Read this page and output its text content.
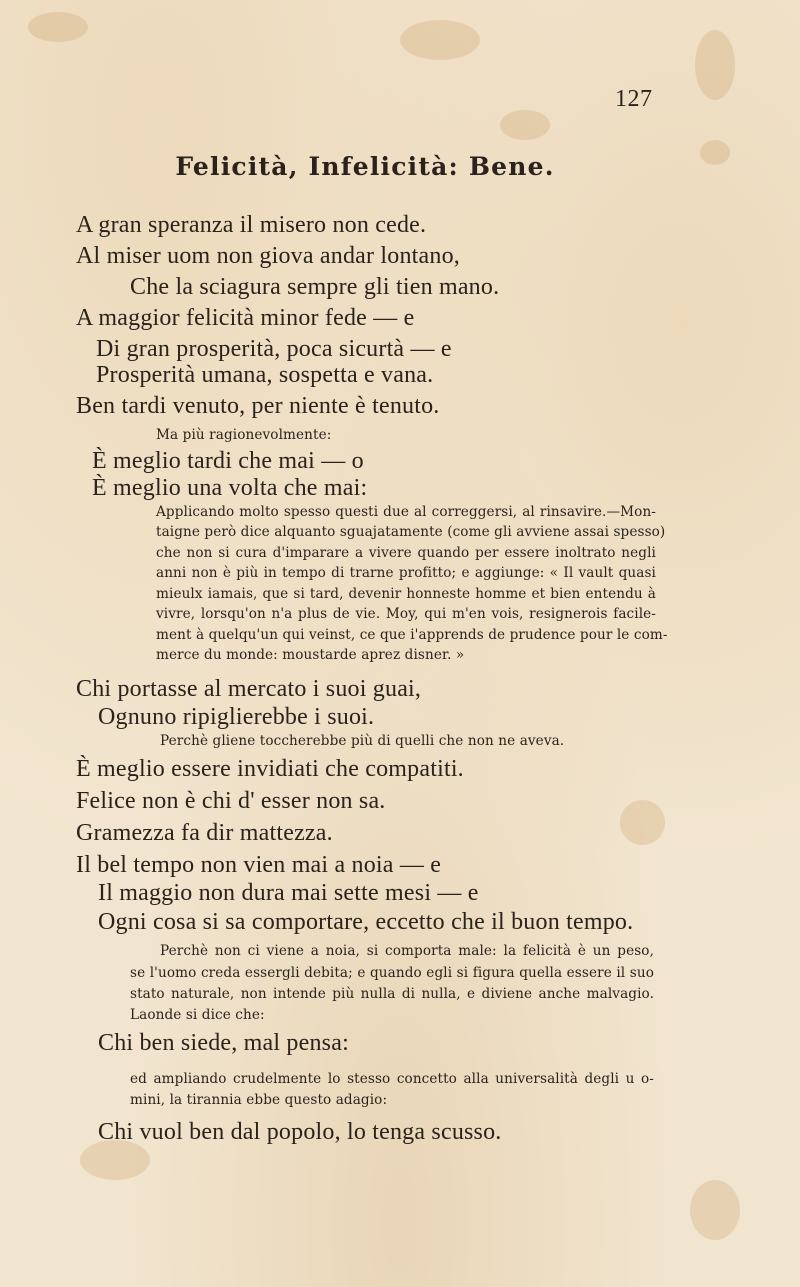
127
Felicità, Infelicità: Bene.
A gran speranza il misero non cede.
Al miser uom non giova andar lontano,
Che la sciagura sempre gli tien mano.
A maggior felicità minor fede — e
Di gran prosperità, poca sicurtà — e
Prosperità umana, sospetta e vana.
Ben tardi venuto, per niente è tenuto.
Ma più ragionevolmente:
È meglio tardi che mai — o
È meglio una volta che mai:
Applicando molto spesso questi due al correggersi, al rinsavire.—Mon-
taigne però dice alquanto sguajatamente (come gli avviene assai spesso)
che non si cura d'imparare a vivere quando per essere inoltrato negli
anni non è più in tempo di trarne profitto; e aggiunge: « Il vault quasi
mieulx iamais, que si tard, devenir honneste homme et bien entendu à
vivre, lorsqu'on n'a plus de vie. Moy, qui m'en vois, resignerois facile-
ment à quelqu'un qui veinst, ce que i'apprends de prudence pour le com-
merce du monde: moustarde aprez disner. »
Chi portasse al mercato i suoi guai,
Ognuno ripiglierebbe i suoi.
Perchè gliene toccherebbe più di quelli che non ne aveva.
È meglio essere invidiati che compatiti.
Felice non è chi d' esser non sa.
Gramezza fa dir mattezza.
Il bel tempo non vien mai a noia — e
Il maggio non dura mai sette mesi — e
Ogni cosa si sa comportare, eccetto che il buon tempo.
Perchè non ci viene a noia, si comporta male: la felicità è un peso,
se l'uomo creda essergli debita; e quando egli si figura quella essere il suo
stato naturale, non intende più nulla di nulla, e diviene anche malvagio.
Laonde si dice che:
Chi ben siede, mal pensa:
ed ampliando crudelmente lo stesso concetto alla universalità degli u o-
mini, la tirannia ebbe questo adagio:
Chi vuol ben dal popolo, lo tenga scusso.
